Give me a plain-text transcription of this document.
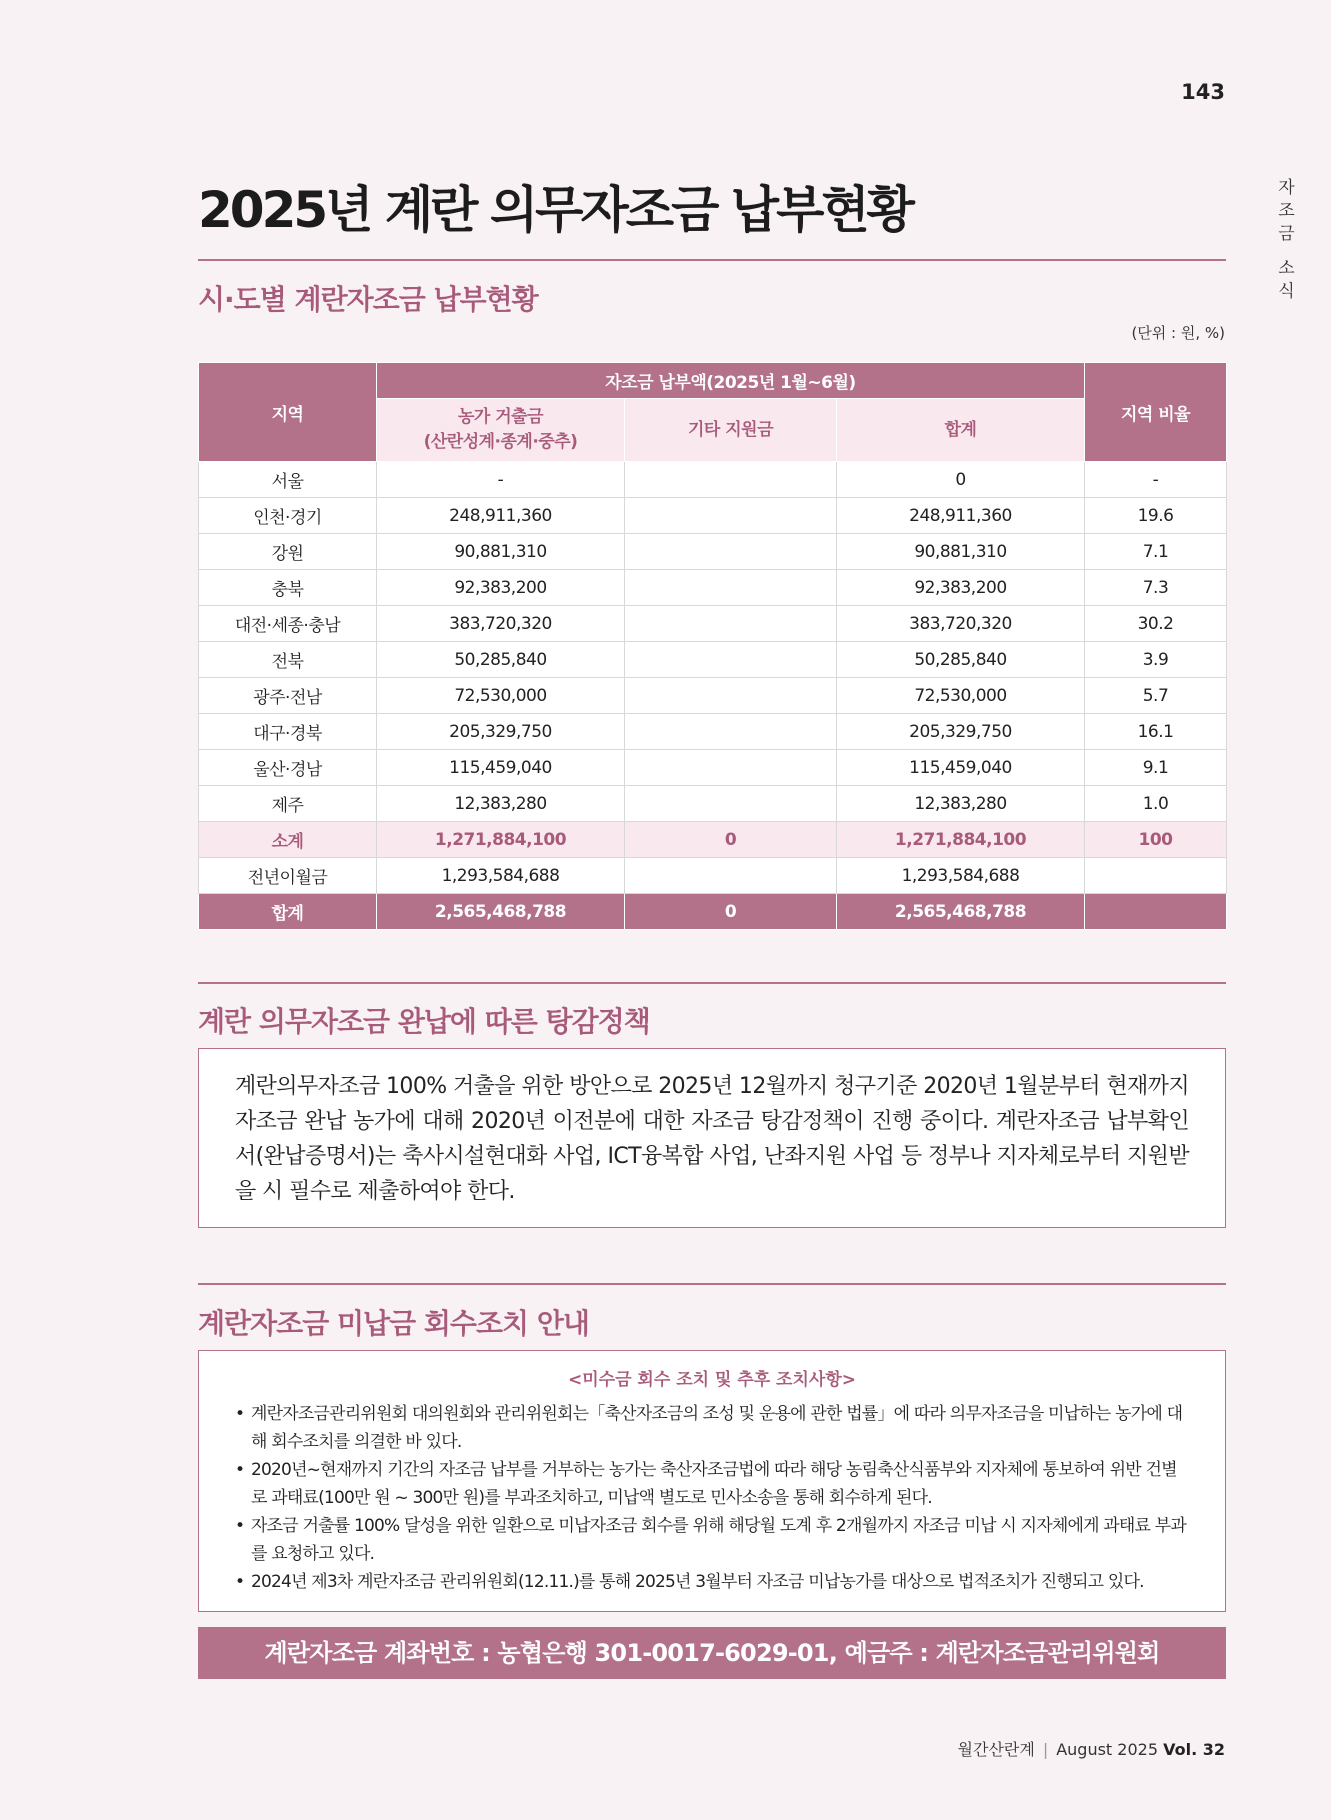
143
자조금 소식
2025년 계란 의무자조금 납부현황
시·도별 계란자조금 납부현황
(단위 : 원, %)
지역	자조금 납부액(2025년 1월~6월)			지역 비율
	농가 거출금
(산란성계·종계·중추)	기타 지원금	합계	
서울	-		0	-
인천·경기	248,911,360		248,911,360	19.6
강원	90,881,310		90,881,310	7.1
충북	92,383,200		92,383,200	7.3
대전·세종·충남	383,720,320		383,720,320	30.2
전북	50,285,840		50,285,840	3.9
광주·전남	72,530,000		72,530,000	5.7
대구·경북	205,329,750		205,329,750	16.1
울산·경남	115,459,040		115,459,040	9.1
제주	12,383,280		12,383,280	1.0
소계	1,271,884,100	0	1,271,884,100	100
전년이월금	1,293,584,688		1,293,584,688	
합계	2,565,468,788	0	2,565,468,788	
계란 의무자조금 완납에 따른 탕감정책

계란의무자조금 100% 거출을 위한 방안으로 2025년 12월까지 청구기준 2020년 1월분부터 현재까지 자조금 완납 농가에 대해 2020년 이전분에 대한 자조금 탕감정책이 진행 중이다. 계란자조금 납부확인서(완납증명서)는 축사시설현대화 사업, ICT융복합 사업, 난좌지원 사업 등 정부나 지자체로부터 지원받을 시 필수로 제출하여야 한다.

계란자조금 미납금 회수조치 안내
<미수금 회수 조치 및 추후 조치사항>
• 계란자조금관리위원회 대의원회와 관리위원회는「축산자조금의 조성 및 운용에 관한 법률」에 따라 의무자조금을 미납하는 농가에 대해 회수조치를 의결한 바 있다.
• 2020년~현재까지 기간의 자조금 납부를 거부하는 농가는 축산자조금법에 따라 해당 농림축산식품부와 지자체에 통보하여 위반 건별로 과태료(100만 원 ~ 300만 원)를 부과조치하고, 미납액 별도로 민사소송을 통해 회수하게 된다.
• 자조금 거출률 100% 달성을 위한 일환으로 미납자조금 회수를 위해 해당월 도계 후 2개월까지 자조금 미납 시 지자체에게 과태료 부과를 요청하고 있다.
• 2024년 제3차 계란자조금 관리위원회(12.11.)를 통해 2025년 3월부터 자조금 미납농가를 대상으로 법적조치가 진행되고 있다.
계란자조금 계좌번호 : 농협은행 301-0017-6029-01, 예금주 : 계란자조금관리위원회
월간산란계 | August 2025 Vol. 32
